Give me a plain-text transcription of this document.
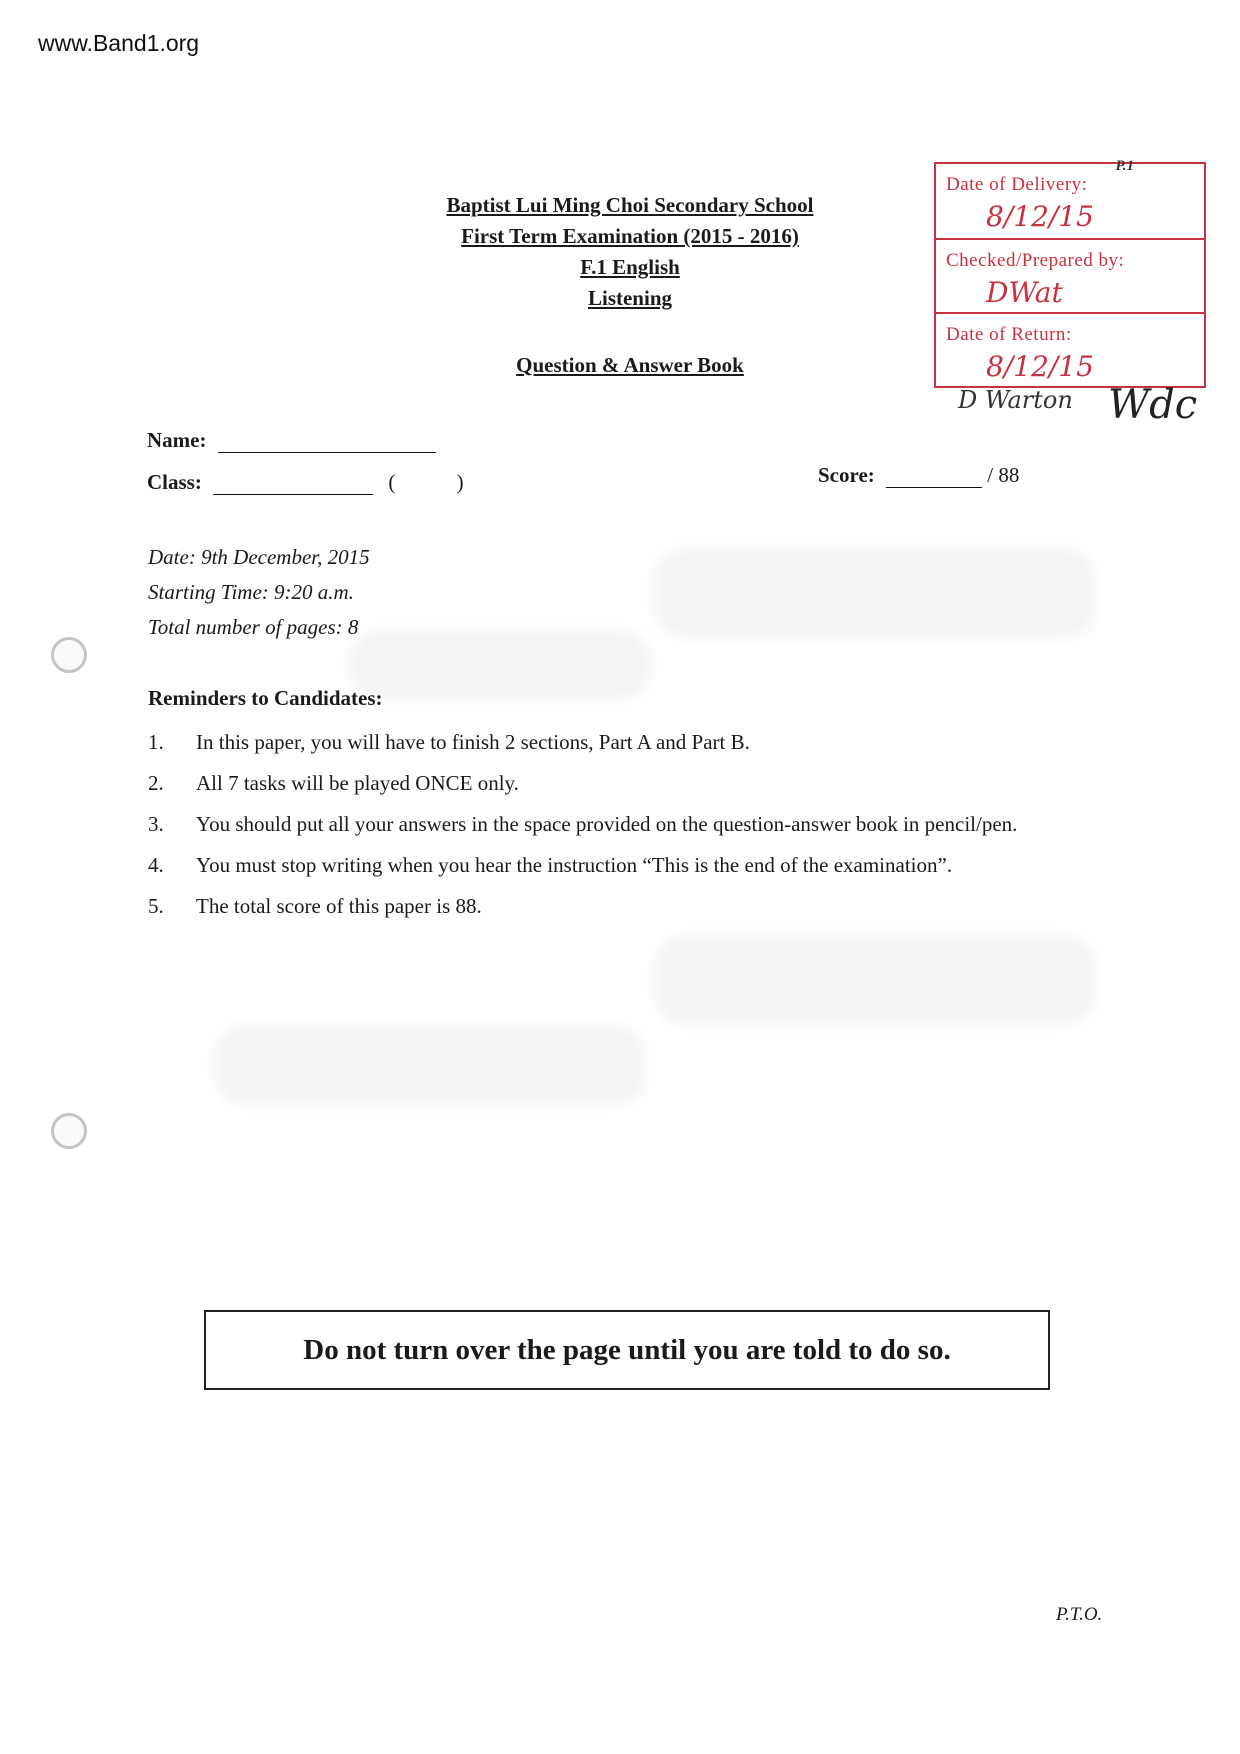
www.Band1.org
Baptist Lui Ming Choi Secondary School
First Term Examination (2015 - 2016)
F.1 English
Listening
Question & Answer Book
P.1
Date of Delivery:
8/12/15
Checked/Prepared by:
DWat
Date of Return:
8/12/15
D Warton Wdc
Name:
Class:	(	)	Score:	/ 88
Date: 9th December, 2015
Starting Time: 9:20 a.m.
Total number of pages: 8
Reminders to Candidates:
1.	In this paper, you will have to finish 2 sections, Part A and Part B.
2.	All 7 tasks will be played ONCE only.
3.	You should put all your answers in the space provided on the question-answer book in pencil/pen.
4.	You must stop writing when you hear the instruction “This is the end of the examination”.
5.	The total score of this paper is 88.
Do not turn over the page until you are told to do so.
P.T.O.
